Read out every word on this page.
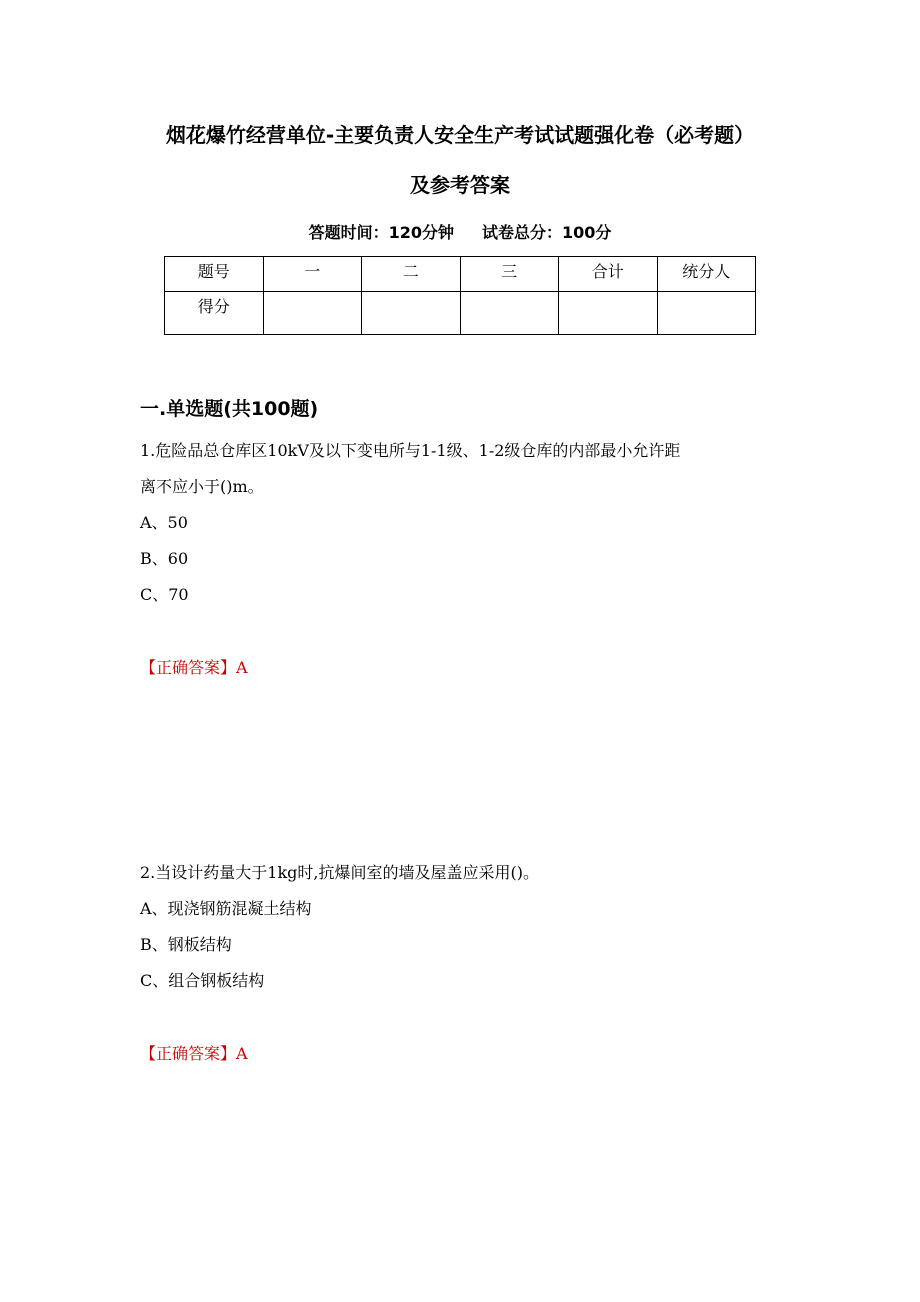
烟花爆竹经营单位-主要负责人安全生产考试试题强化卷（必考题）
及参考答案
答题时间：120分钟 试卷总分：100分
题号	一	二	三	合计	统分人
得分					
一.单选题(共100题)
1.危险品总仓库区10kV及以下变电所与1-1级、1-2级仓库的内部最小允许距
离不应小于()m。
A、50
B、60
C、70
【正确答案】A
2.当设计药量大于1kg时,抗爆间室的墙及屋盖应采用()。
A、现浇钢筋混凝土结构
B、钢板结构
C、组合钢板结构
【正确答案】A
